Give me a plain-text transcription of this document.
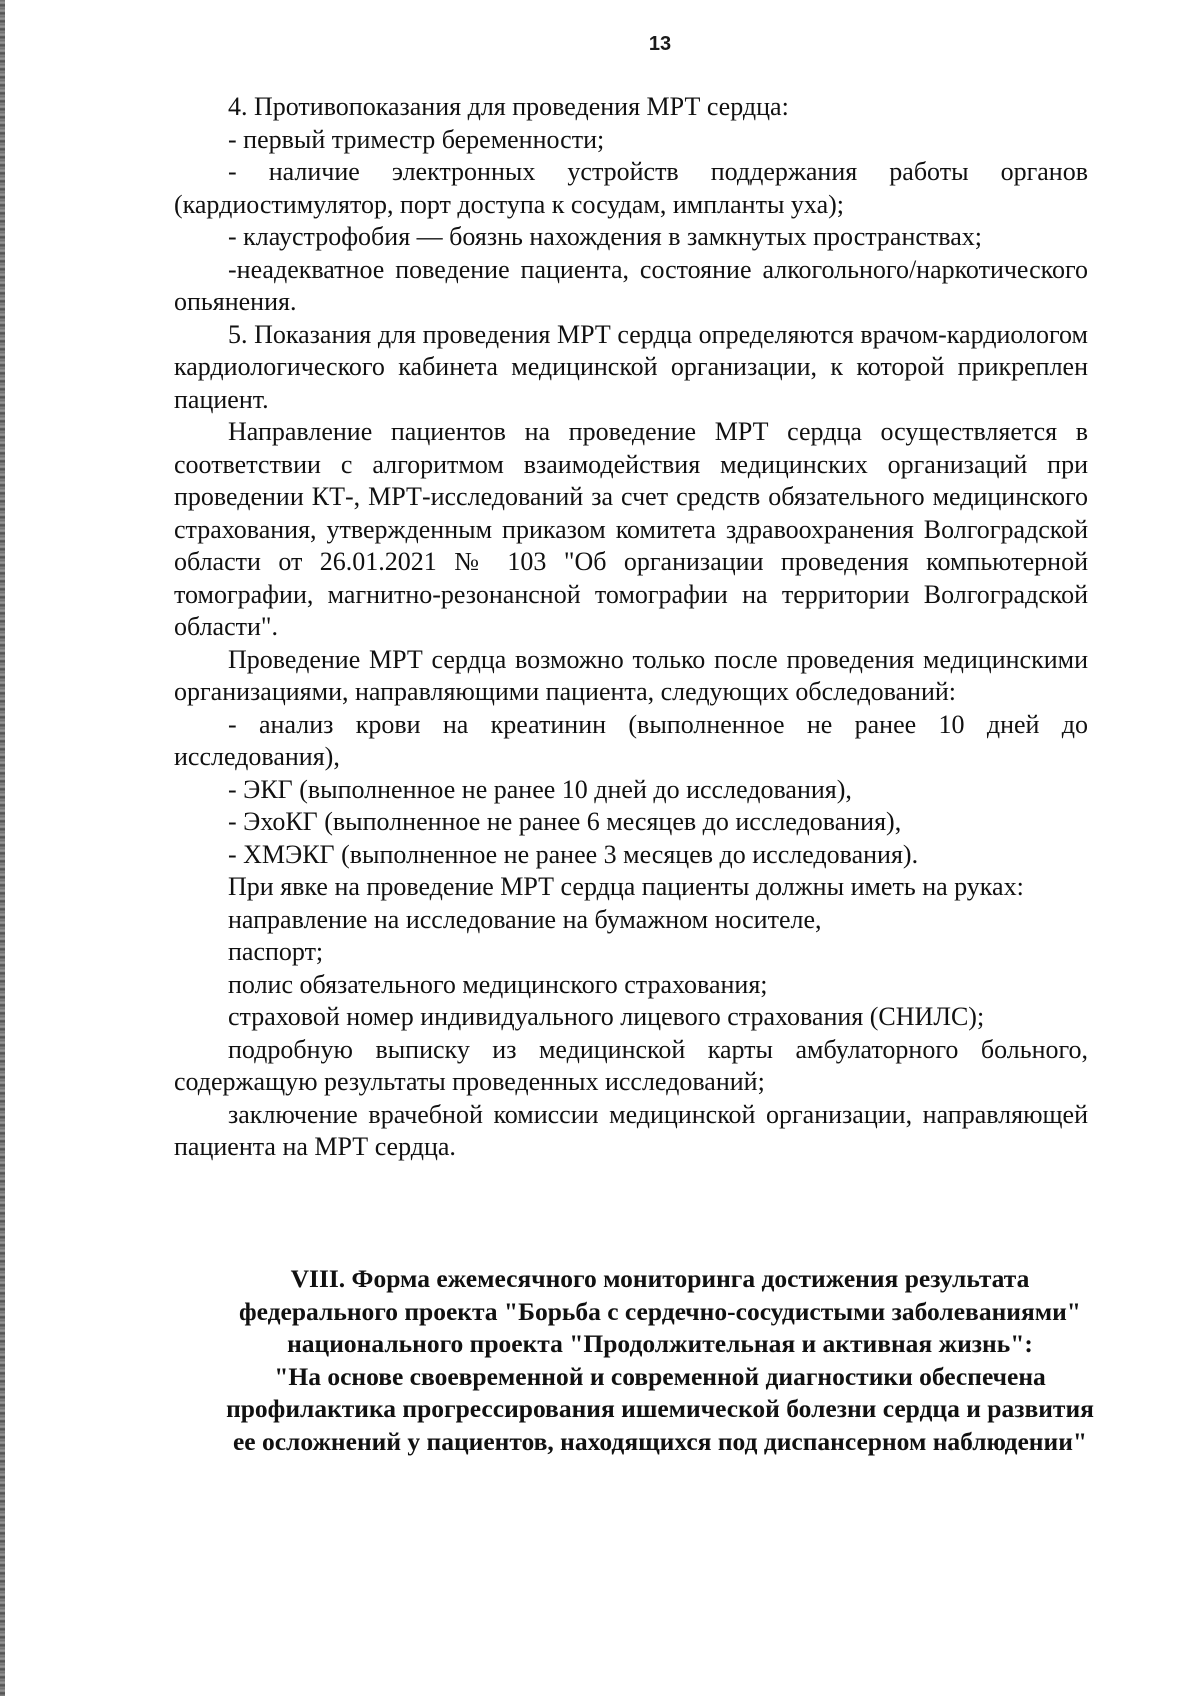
13

4. Противопоказания для проведения МРТ сердца:

- первый триместр беременности;

- наличие электронных устройств поддержания работы органов (кардиостимулятор, порт доступа к сосудам, импланты уха);

- клаустрофобия — боязнь нахождения в замкнутых пространствах;

-неадекватное поведение пациента, состояние алкогольного/наркотического опьянения.

5. Показания для проведения МРТ сердца определяются врачом-кардиологом кардиологического кабинета медицинской организации, к которой прикреплен пациент.

Направление пациентов на проведение МРТ сердца осуществляется в соответствии с алгоритмом взаимодействия медицинских организаций при проведении КТ-, МРТ-исследований за счет средств обязательного медицинского страхования, утвержденным приказом комитета здравоохранения Волгоградской области от 26.01.2021 № 103 "Об организации проведения компьютерной томографии, магнитно-резонансной томографии на территории Волгоградской области".

Проведение МРТ сердца возможно только после проведения медицинскими организациями, направляющими пациента, следующих обследований:

- анализ крови на креатинин (выполненное не ранее 10 дней до исследования),

- ЭКГ (выполненное не ранее 10 дней до исследования),

- ЭхоКГ (выполненное не ранее 6 месяцев до исследования),

- ХМЭКГ (выполненное не ранее 3 месяцев до исследования).

При явке на проведение МРТ сердца пациенты должны иметь на руках:

направление на исследование на бумажном носителе,

паспорт;

полис обязательного медицинского страхования;

страховой номер индивидуального лицевого страхования (СНИЛС);

подробную выписку из медицинской карты амбулаторного больного, содержащую результаты проведенных исследований;

заключение врачебной комиссии медицинской организации, направляющей пациента на МРТ сердца.

VIII. Форма ежемесячного мониторинга достижения результата
федерального проекта "Борьба с сердечно-сосудистыми заболеваниями"
национального проекта "Продолжительная и активная жизнь":
"На основе своевременной и современной диагностики обеспечена
профилактика прогрессирования ишемической болезни сердца и развития
ее осложнений у пациентов, находящихся под диспансерном наблюдении"
